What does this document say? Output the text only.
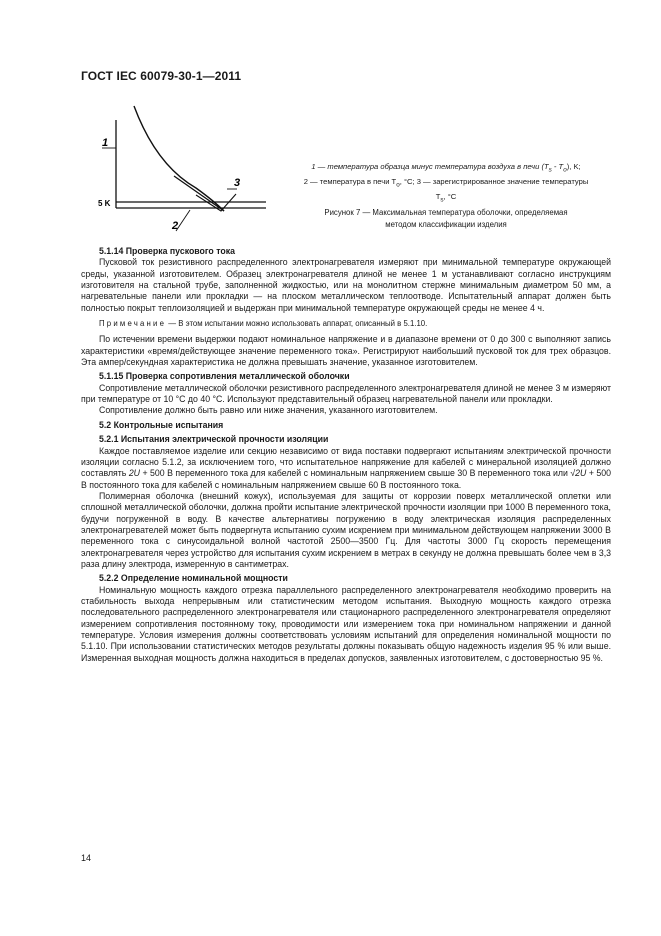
ГОСТ IEC 60079-30-1—2011
1
2
3
5 K
1 — температура образца минус температура воздуха в печи $(T_s - T_o)$, K;
2 — температура в печи $T_o$, °С; 3 — зарегистрированное значение температуры
$T_s$, °С
Рисунок 7 — Максимальная температура оболочки, определяемая
методом классификации изделия

5.1.14 Проверка пускового тока

Пусковой ток резистивного распределенного электронагревателя измеряют при минимальной температуре окружающей среды, указанной изготовителем. Образец электронагревателя длиной не менее 1 м устанавливают согласно инструкциям изготовителя на стальной трубе, заполненной жидкостью, или на монолитном стержне минимальным диаметром 50 мм, а нагревательные панели или прокладки — на плоском металлическом теплоотводе. Испытательный аппарат должен быть полностью покрыт теплоизоляцией и выдержан при минимальной температуре окружающей среды не менее 4 ч.

Примечание — В этом испытании можно использовать аппарат, описанный в 5.1.10.

По истечении времени выдержки подают номинальное напряжение и в диапазоне времени от 0 до 300 с выполняют запись характеристики «время/действующее значение переменного тока». Регистрируют наибольший пусковой ток для трех образцов. Эта ампер/секундная характеристика не должна превышать значение, указанное изготовителем.

5.1.15 Проверка сопротивления металлической оболочки

Сопротивление металлической оболочки резистивного распределенного электронагревателя длиной не менее 3 м измеряют при температуре от 10 °С до 40 °С. Используют представительный образец нагревательной панели или прокладки.

Сопротивление должно быть равно или ниже значения, указанного изготовителем.

5.2 Контрольные испытания

5.2.1 Испытания электрической прочности изоляции

Каждое поставляемое изделие или секцию независимо от вида поставки подвергают испытаниям электрической прочности изоляции согласно 5.1.2, за исключением того, что испытательное напряжение для кабелей с минеральной изоляцией должно составлять 2U + 500 В переменного тока для кабелей с номинальным напряжением свыше 30 В переменного тока или √2U + 500 В постоянного тока для кабелей с номинальным напряжением свыше 60 В постоянного тока.

Полимерная оболочка (внешний кожух), используемая для защиты от коррозии поверх металлической оплетки или сплошной металлической оболочки, должна пройти испытание электрической прочности изоляции при 1000 В переменного тока, будучи погруженной в воду. В качестве альтернативы погружению в воду электрическая изоляция распределенных электронагревателей может быть подвергнута испытанию сухим искрением при минимальном действующем напряжении 3000 В переменного тока с синусоидальной волной частотой 2500—3500 Гц. Для частоты 3000 Гц скорость перемещения электронагревателя через устройство для испытания сухим искрением в метрах в секунду не должна превышать более чем в 3,3 раза длину электрода, измеренную в сантиметрах.

5.2.2 Определение номинальной мощности

Номинальную мощность каждого отрезка параллельного распределенного электронагревателя необходимо проверить на стабильность выхода непрерывным или статистическим методом испытания. Выходную мощность каждого отрезка последовательного распределенного электронагревателя или стационарного распределенного электронагревателя определяют измерением сопротивления постоянному току, проводимости или измерением тока при номинальном напряжении и данной температуре. Условия измерения должны соответствовать условиям испытаний для определения номинальной мощности по 5.1.10. При использовании статистических методов результаты должны показывать общую надежность изделия 95 % или выше. Измеренная выходная мощность должна находиться в пределах допусков, заявленных изготовителем, с достоверностью 95 %.

14
